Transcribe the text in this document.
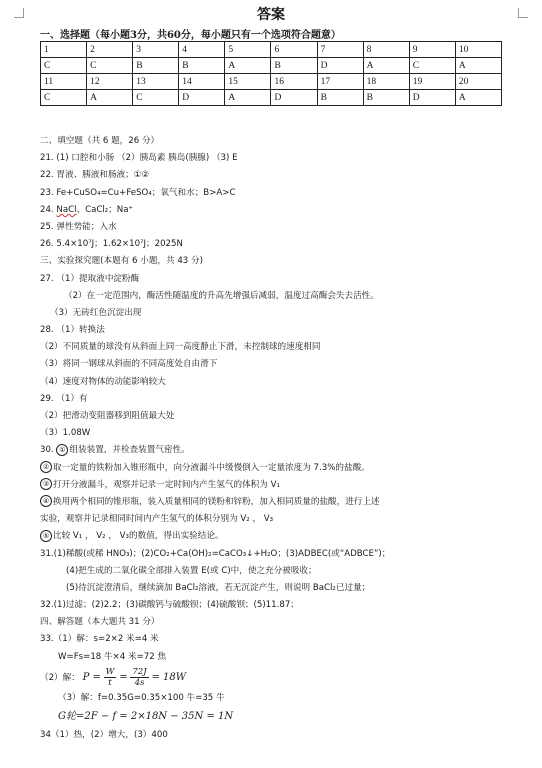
答案
一、选择题（每小题3分，共60分，每小题只有一个选项符合题意）
1	2	3	4	5	6	7	8	9	10
C	C	B	B	A	B	D	A	C	A
11	12	13	14	15	16	17	18	19	20
C	A	C	D	A	D	B	B	D	A
二、填空题（共 6 题，26 分）
21. (1) 口腔和小肠 （2）胰岛素 胰岛(胰腺) （3) E
22. 胃液、胰液和肠液；①②
23. Fe+CuSO₄=Cu+FeSO₄；氧气和水；B>A>C
24. NaCl、CaCl₂；Na⁺
25. 弹性势能；入水
26. 5.4×10⁷J；1.62×10⁷J；2025N
三、实验探究题(本题有 6 小题，共 43 分)
27. （1）提取液中淀粉酶
（2）在一定范围内，酶活性随温度的升高先增强后减弱，温度过高酶会失去活性。
（3）无砖红色沉淀出现
28. （1）转换法
（2）不同质量的球没有从斜面上同一高度静止下滑，未控制球的速度相同
（3）将同一钢球从斜面的不同高度处自由滑下
（4）速度对物体的动能影响较大
29. （1）有
（2）把滑动变阻器移到阻值最大处
（3）1.08W
30. ① 组装装置，并检查装置气密性。
② 取一定量的铁粉加入锥形瓶中，向分液漏斗中缓慢倒入一定量浓度为 7.3%的盐酸。
③ 打开分液漏斗，观察并记录一定时间内产生氢气的体积为 V₁
④ 换用两个相同的锥形瓶，装入质量相同的镁粉和锌粉，加入相同质量的盐酸，进行上述
实验，观察并记录相同时间内产生氢气的体积分别为 V₂ ， V₃
⑤ 比较 V₁ ， V₂ ， V₃的数值，得出实验结论。
31.(1)稀酸(或稀 HNO₃)；(2)CO₂+Ca(OH)₂=CaCO₃↓+H₂O；(3)ADBEC(或“ADBCE”)；
(4)把生成的二氧化碳全部排入装置 E(或 C)中，使之充分被吸收；
(5)待沉淀澄清后，继续滴加 BaCl₂溶液，若无沉淀产生，则说明 BaCl₂已过量；
32.(1)过滤；(2)2.2；(3)碳酸钙与硫酸钡；(4)硫酸钡；(5)11.87；
四、解答题（本大题共 31 分）
33.（1）解：s=2×2 米=4 米
W=Fs=18 牛×4 米=72 焦
（2）解： $P = \frac{W}{t} = \frac{72J}{4s} = 18W$
（3）解：f=0.35G=0.35×100 牛=35 牛
G轮=2F − f = 2×18N − 35N = 1N
34（1）热，(2）增大，(3）400
